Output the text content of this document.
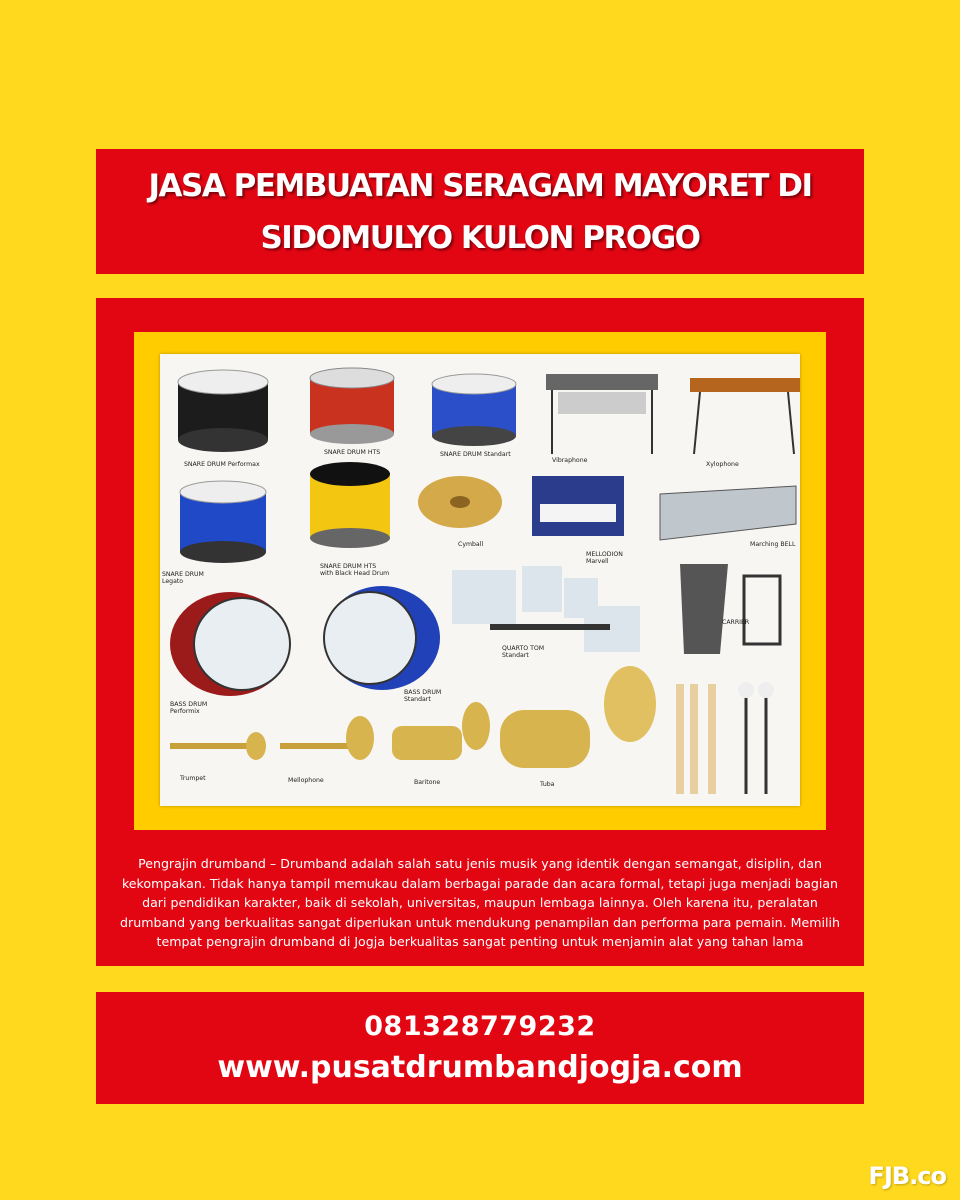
JASA PEMBUATAN SERAGAM MAYORET DI
SIDOMULYO KULON PROGO
SNARE DRUM Performax
SNARE DRUM HTS	SNARE DRUM Standart
Vibraphone
Xylophone
SNARE DRUM
Legato
SNARE DRUM HTS
with Black Head Drum
Cymball
MELLODION
Marvell
Marching BELL
QUARTO TOM
Standart
CARRIER
BASS DRUM
Performix
BASS DRUM
Standart
Trumpet	Mellophone	Baritone	Tuba
Pengrajin drumband – Drumband adalah salah satu jenis musik yang identik dengan semangat, disiplin, dan kekompakan. Tidak hanya tampil memukau dalam berbagai parade dan acara formal, tetapi juga menjadi bagian dari pendidikan karakter, baik di sekolah, universitas, maupun lembaga lainnya. Oleh karena itu, peralatan drumband yang berkualitas sangat diperlukan untuk mendukung penampilan dan performa para pemain. Memilih tempat pengrajin drumband di Jogja berkualitas sangat penting untuk menjamin alat yang tahan lama
081328779232
www.pusatdrumbandjogja.com
FJB.co
